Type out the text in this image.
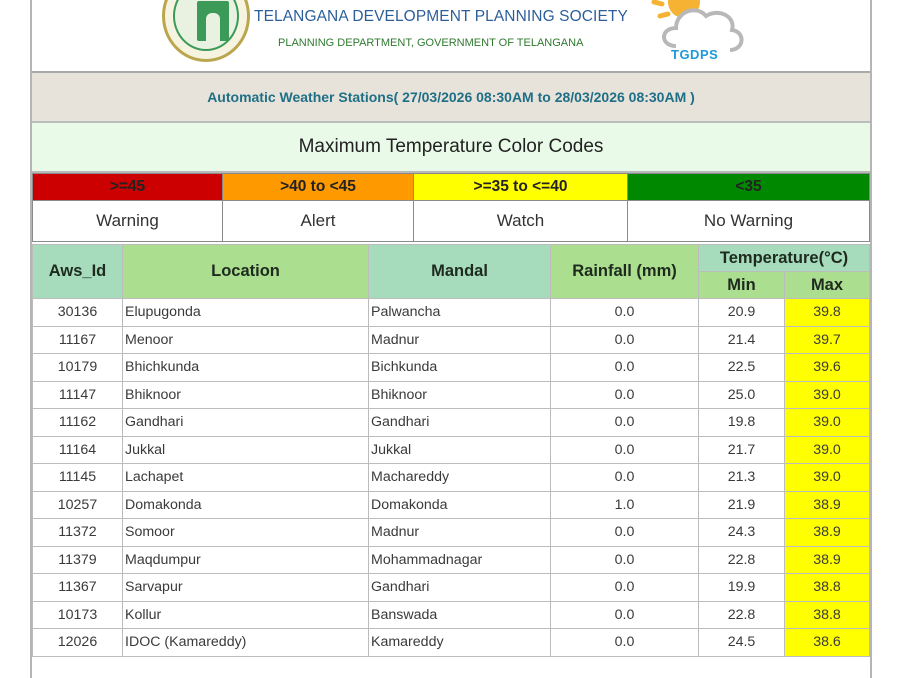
TELANGANA DEVELOPMENT PLANNING SOCIETY
PLANNING DEPARTMENT, GOVERNMENT OF TELANGANA
TGDPS
Automatic Weather Stations( 27/03/2026 08:30AM to 28/03/2026 08:30AM )
Maximum Temperature Color Codes
>=45	>40 to <45	>=35 to <=40	<35
Warning	Alert	Watch	No Warning
Aws_Id	Location	Mandal	Rainfall (mm)	Temperature(°C)	
				Min	Max
30136	Elupugonda	Palwancha	0.0	20.9	39.8
11167	Menoor	Madnur	0.0	21.4	39.7
10179	Bhichkunda	Bichkunda	0.0	22.5	39.6
11147	Bhiknoor	Bhiknoor	0.0	25.0	39.0
11162	Gandhari	Gandhari	0.0	19.8	39.0
11164	Jukkal	Jukkal	0.0	21.7	39.0
11145	Lachapet	Machareddy	0.0	21.3	39.0
10257	Domakonda	Domakonda	1.0	21.9	38.9
11372	Somoor	Madnur	0.0	24.3	38.9
11379	Maqdumpur	Mohammadnagar	0.0	22.8	38.9
11367	Sarvapur	Gandhari	0.0	19.9	38.8
10173	Kollur	Banswada	0.0	22.8	38.8
12026	IDOC (Kamareddy)	Kamareddy	0.0	24.5	38.6
